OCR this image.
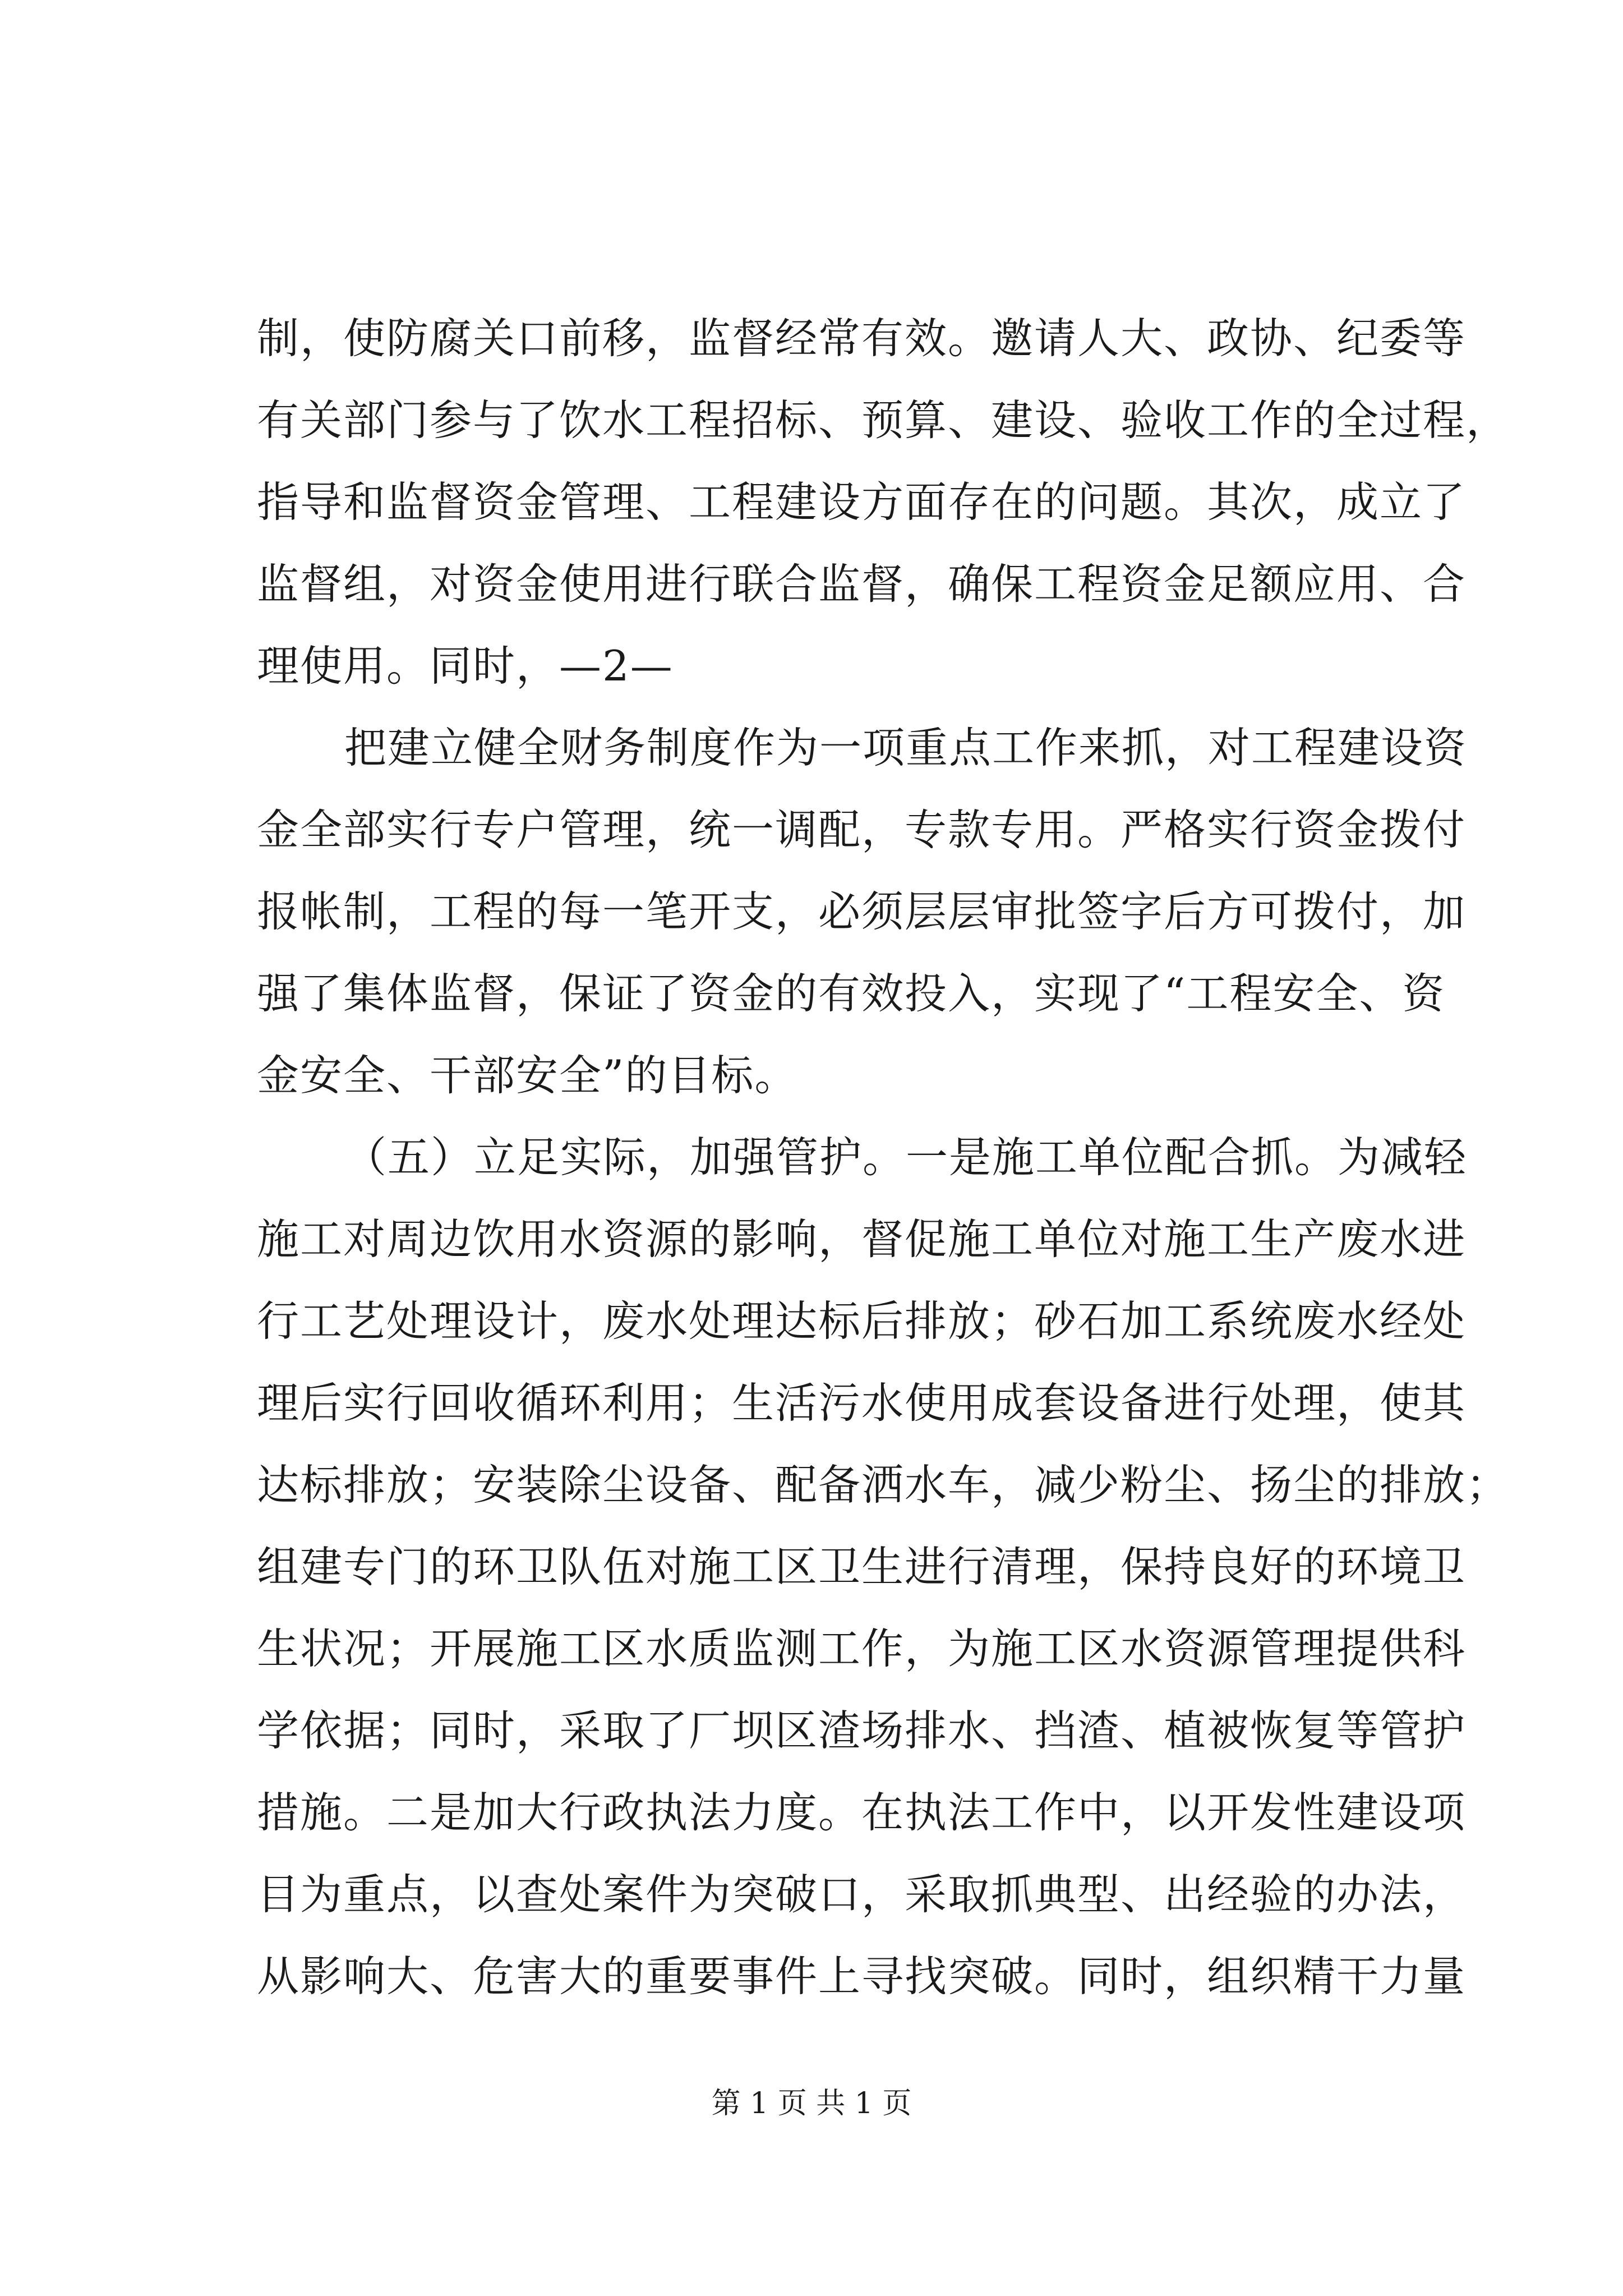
制，使防腐关口前移，监督经常有效。邀请人大、政协、纪委等
有关部门参与了饮水工程招标、预算、建设、验收工作的全过程，
指导和监督资金管理、工程建设方面存在的问题。其次，成立了
监督组，对资金使用进行联合监督，确保工程资金足额应用、合
理使用。同时，—2—
把建立健全财务制度作为一项重点工作来抓，对工程建设资
金全部实行专户管理，统一调配，专款专用。严格实行资金拨付
报帐制，工程的每一笔开支，必须层层审批签字后方可拨付，加
强了集体监督，保证了资金的有效投入，实现了“工程安全、资
金安全、干部安全”的目标。
（五）立足实际，加强管护。一是施工单位配合抓。为减轻
施工对周边饮用水资源的影响，督促施工单位对施工生产废水进
行工艺处理设计，废水处理达标后排放；砂石加工系统废水经处
理后实行回收循环利用；生活污水使用成套设备进行处理，使其
达标排放；安装除尘设备、配备洒水车，减少粉尘、扬尘的排放；
组建专门的环卫队伍对施工区卫生进行清理，保持良好的环境卫
生状况；开展施工区水质监测工作，为施工区水资源管理提供科
学依据；同时，采取了厂坝区渣场排水、挡渣、植被恢复等管护
措施。二是加大行政执法力度。在执法工作中，以开发性建设项
目为重点，以查处案件为突破口，采取抓典型、出经验的办法，
从影响大、危害大的重要事件上寻找突破。同时，组织精干力量
第 1 页 共 1 页
